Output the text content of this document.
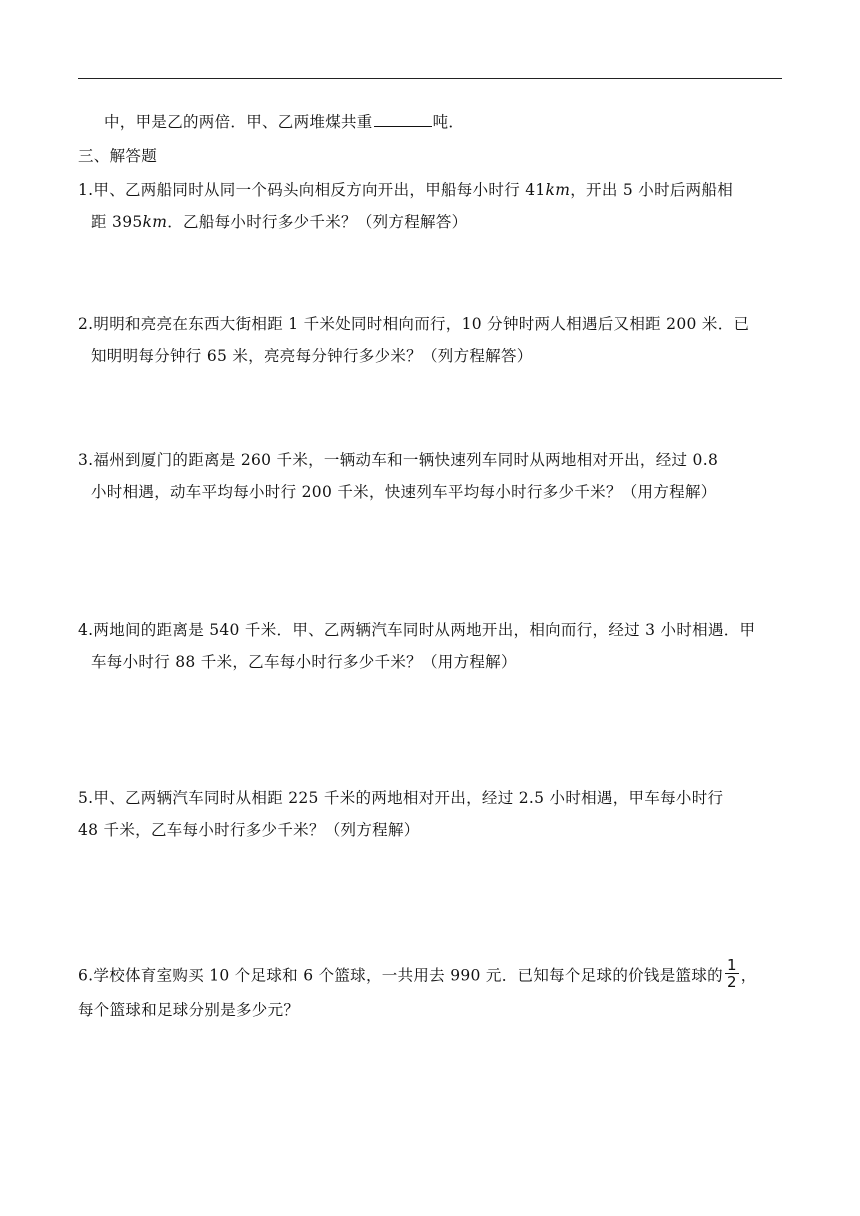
中，甲是乙的两倍．甲、乙两堆煤共重	吨．
三、解答题
1.甲、乙两船同时从同一个码头向相反方向开出，甲船每小时行 41km，开出 5 小时后两船相
距 395km．乙船每小时行多少千米？（列方程解答）
2.明明和亮亮在东西大街相距 1 千米处同时相向而行，10 分钟时两人相遇后又相距 200 米．已
知明明每分钟行 65 米，亮亮每分钟行多少米？（列方程解答）
3.福州到厦门的距离是 260 千米，一辆动车和一辆快速列车同时从两地相对开出，经过 0.8
小时相遇，动车平均每小时行 200 千米，快速列车平均每小时行多少千米？（用方程解）
4.两地间的距离是 540 千米．甲、乙两辆汽车同时从两地开出，相向而行，经过 3 小时相遇．甲
车每小时行 88 千米，乙车每小时行多少千米？（用方程解）
5.甲、乙两辆汽车同时从相距 225 千米的两地相对开出，经过 2.5 小时相遇，甲车每小时行
48 千米，乙车每小时行多少千米？（列方程解）
6.学校体育室购买 10 个足球和 6 个篮球，一共用去 990 元．已知每个足球的价钱是篮球的 $\frac{1}{2}$ ，
每个篮球和足球分别是多少元？
